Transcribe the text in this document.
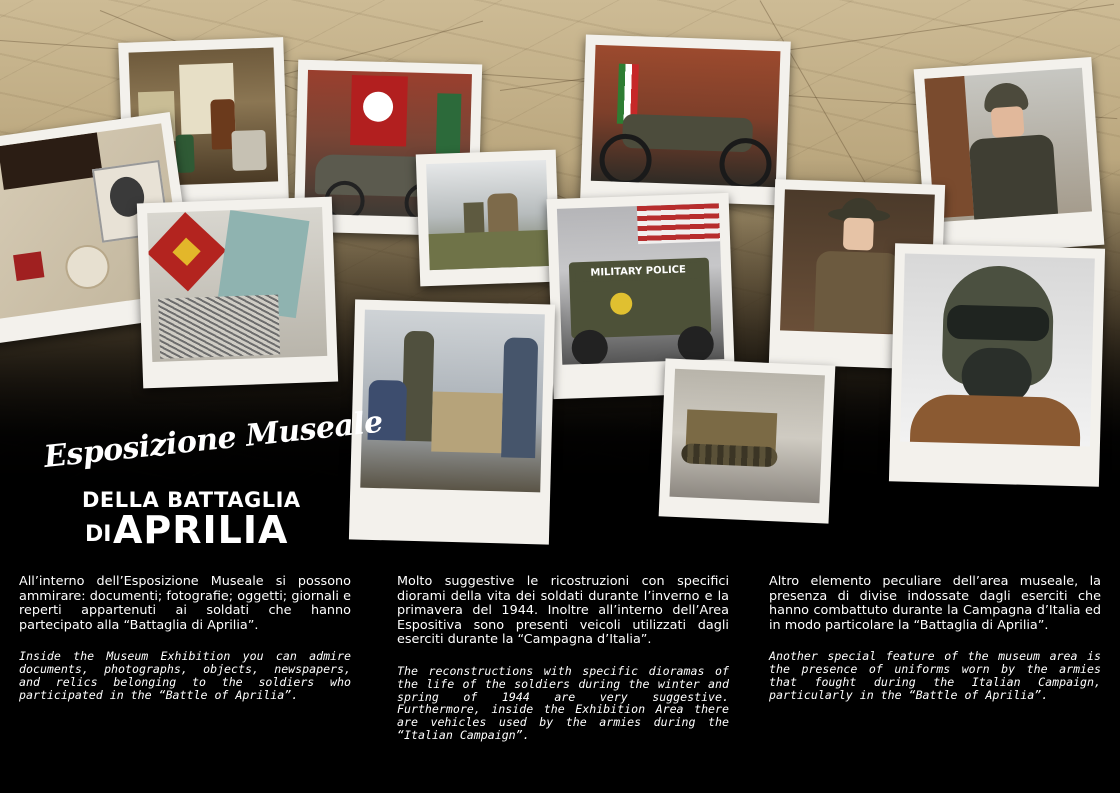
MILITARY POLICE
Esposizione Museale
DELLA BATTAGLIA
DI APRILIA

All’interno dell’Esposizione Museale si possono ammirare: documenti; fotografie; oggetti; giornali e reperti appartenuti ai soldati che hanno partecipato alla “Battaglia di Aprilia”.

Inside the Museum Exhibition you can admire documents, photographs, objects, newspapers, and relics belonging to the soldiers who participated in the “Battle of Aprilia”.

Molto suggestive le ricostruzioni con specifici diorami della vita dei soldati durante l’inverno e la primavera del 1944. Inoltre all’interno dell’Area Espositiva sono presenti veicoli utilizzati dagli eserciti durante la “Campagna d’Italia”.

The reconstructions with specific dioramas of the life of the soldiers during the winter and spring of 1944 are very suggestive. Furthermore, inside the Exhibition Area there are vehicles used by the armies during the “Italian Campaign”.

Altro elemento peculiare dell’area museale, la presenza di divise indossate dagli eserciti che hanno combattuto durante la Campagna d’Italia ed in modo particolare la “Battaglia di Aprilia”.

Another special feature of the museum area is the presence of uniforms worn by the armies that fought during the Italian Campaign, particularly in the “Battle of Aprilia”.
